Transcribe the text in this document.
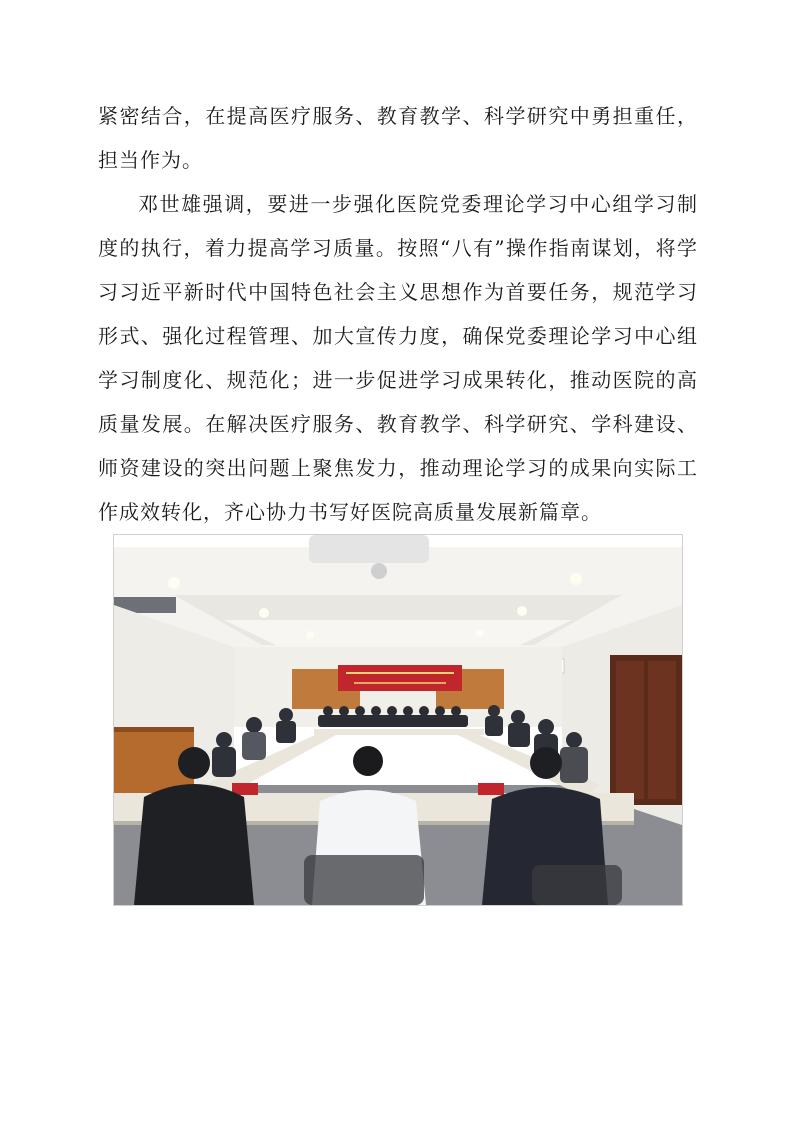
紧密结合，在提高医疗服务、教育教学、科学研究中勇担重任，担当作为。

邓世雄强调，要进一步强化医院党委理论学习中心组学习制度的执行，着力提高学习质量。按照“八有”操作指南谋划，将学习习近平新时代中国特色社会主义思想作为首要任务，规范学习形式、强化过程管理、加大宣传力度，确保党委理论学习中心组学习制度化、规范化；进一步促进学习成果转化，推动医院的高质量发展。在解决医疗服务、教育教学、科学研究、学科建设、师资建设的突出问题上聚焦发力，推动理论学习的成果向实际工作成效转化，齐心协力书写好医院高质量发展新篇章。
